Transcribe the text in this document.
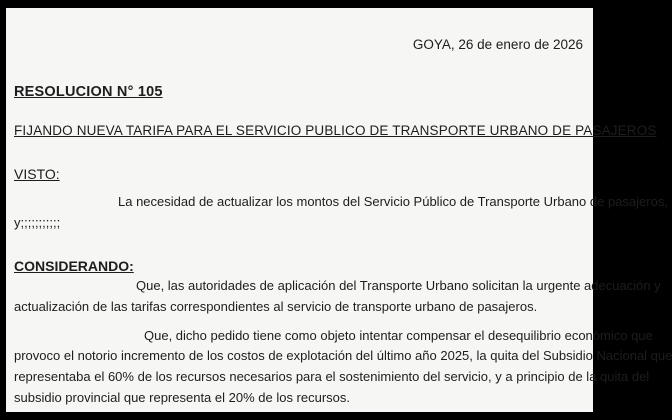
GOYA, 26 de enero de 2026
RESOLUCION N° 105
FIJANDO NUEVA TARIFA PARA EL SERVICIO PUBLICO DE TRANSPORTE URBANO DE PASAJEROS
VISTO:
La necesidad de actualizar los montos del Servicio Público de Transporte Urbano de pasajeros,
y;;;;;;;;;;;
CONSIDERANDO:
Que, las autoridades de aplicación del Transporte Urbano solicitan la urgente adecuación y
actualización de las tarifas correspondientes al servicio de transporte urbano de pasajeros.
Que, dicho pedido tiene como objeto intentar compensar el desequilibrio económico que
provoco el notorio incremento de los costos de explotación del último año 2025, la quita del Subsidio Nacional que
representaba el 60% de los recursos necesarios para el sostenimiento del servicio, y a principio de la quita del
subsidio provincial que representa el 20% de los recursos.
